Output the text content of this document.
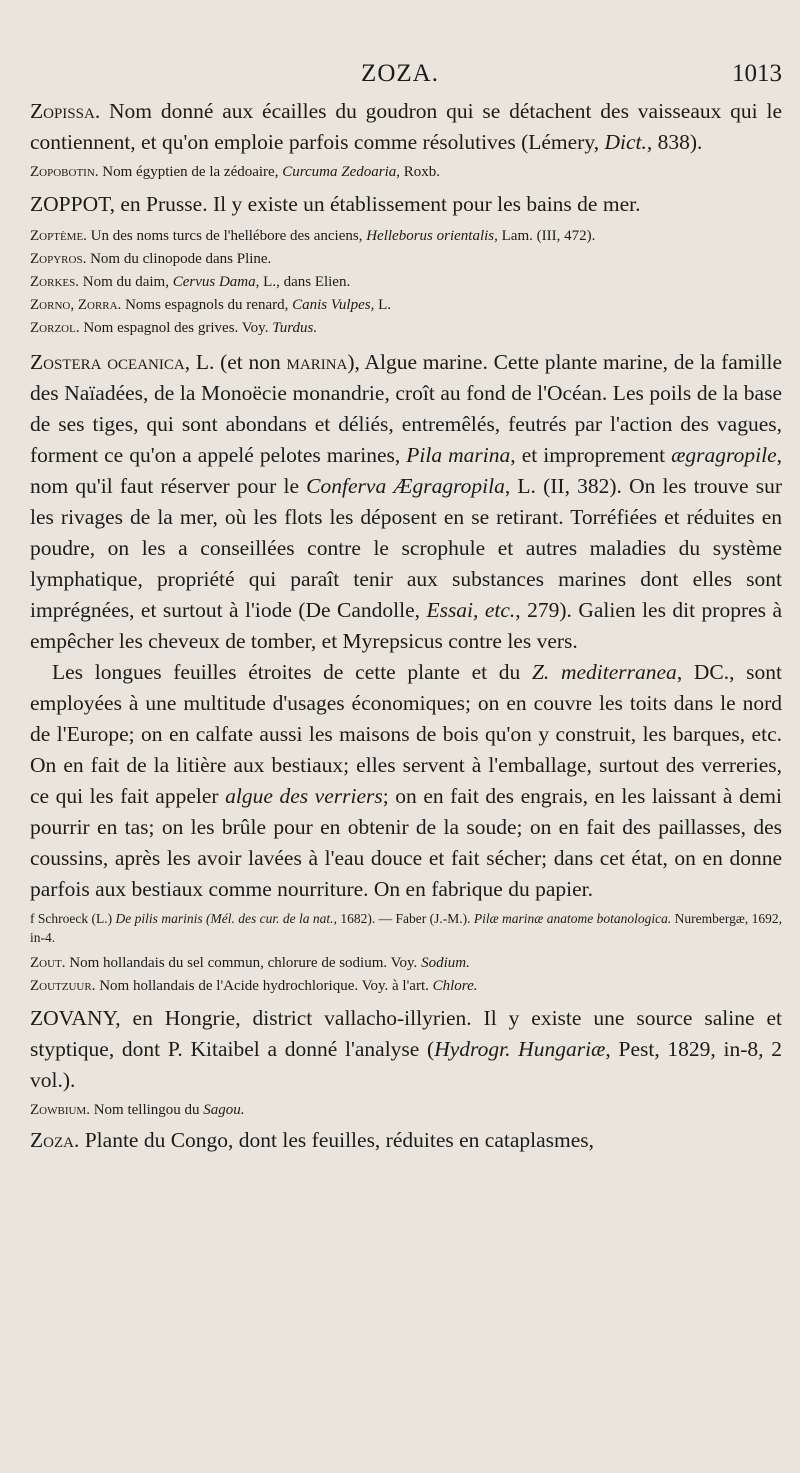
ZOZA.	1013

Zopissa. Nom donné aux écailles du goudron qui se détachent des vaisseaux qui le contiennent, et qu'on emploie parfois comme résolutives (Lémery, Dict., 838).

Zopobotin. Nom égyptien de la zédoaire, Curcuma Zedoaria, Roxb.

ZOPPOT, en Prusse. Il y existe un établissement pour les bains de mer.

Zoptème. Un des noms turcs de l'hellébore des anciens, Helleborus orientalis, Lam. (III, 472).

Zopyros. Nom du clinopode dans Pline.

Zorkes. Nom du daim, Cervus Dama, L., dans Elien.

Zorno, Zorra. Noms espagnols du renard, Canis Vulpes, L.

Zorzol. Nom espagnol des grives. Voy. Turdus.

Zostera oceanica, L. (et non marina), Algue marine. Cette plante marine, de la famille des Naïadées, de la Monoëcie monandrie, croît au fond de l'Océan. Les poils de la base de ses tiges, qui sont abondans et déliés, entremêlés, feutrés par l'action des vagues, forment ce qu'on a appelé pelotes marines, Pila marina, et improprement ægragropile, nom qu'il faut réserver pour le Conferva Ægragropila, L. (II, 382). On les trouve sur les rivages de la mer, où les flots les déposent en se retirant. Torréfiées et réduites en poudre, on les a conseillées contre le scrophule et autres maladies du système lymphatique, propriété qui paraît tenir aux substances marines dont elles sont imprégnées, et surtout à l'iode (De Candolle, Essai, etc., 279). Galien les dit propres à empêcher les cheveux de tomber, et Myrepsicus contre les vers.

Les longues feuilles étroites de cette plante et du Z. mediterranea, DC., sont employées à une multitude d'usages économiques; on en couvre les toits dans le nord de l'Europe; on en calfate aussi les maisons de bois qu'on y construit, les barques, etc. On en fait de la litière aux bestiaux; elles servent à l'emballage, surtout des verreries, ce qui les fait appeler algue des verriers; on en fait des engrais, en les laissant à demi pourrir en tas; on les brûle pour en obtenir de la soude; on en fait des paillasses, des coussins, après les avoir lavées à l'eau douce et fait sécher; dans cet état, on en donne parfois aux bestiaux comme nourriture. On en fabrique du papier.

f Schroeck (L.) De pilis marinis (Mél. des cur. de la nat., 1682). — Faber (J.-M.). Pilæ marinæ anatome botanologica. Nurembergæ, 1692, in-4.

Zout. Nom hollandais du sel commun, chlorure de sodium. Voy. Sodium.

Zoutzuur. Nom hollandais de l'Acide hydrochlorique. Voy. à l'art. Chlore.

ZOVANY, en Hongrie, district vallacho-illyrien. Il y existe une source saline et styptique, dont P. Kitaibel a donné l'analyse (Hydrogr. Hungariæ, Pest, 1829, in-8, 2 vol.).

Zowbium. Nom tellingou du Sagou.

Zoza. Plante du Congo, dont les feuilles, réduites en cataplasmes,
